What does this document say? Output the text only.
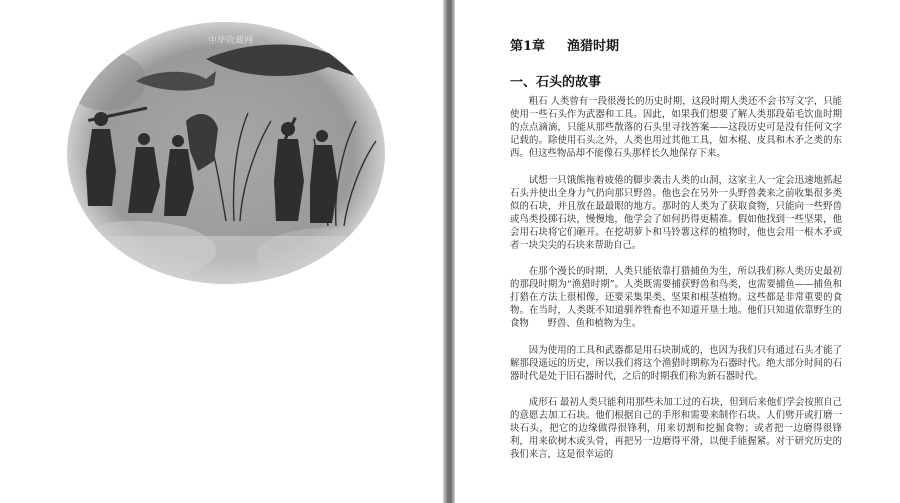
中华收藏网	第1章 渔猎时期
一、石头的故事

粗石 人类曾有一段很漫长的历史时期，这段时期人类还不会书写文字，只能使用一些石头作为武器和工具。因此，如果我们想要了解人类那段茹毛饮血时期的点点滴滴，只能从那些散落的石头里寻找答案——这段历史可是没有任何文字记载的。除使用石头之外，人类也用过其他工具，如木棍、皮具和木矛之类的东西。但这些物品却不能像石头那样长久地保存下来。

试想一只饿熊拖着疲倦的脚步袭击人类的山洞，这家主人一定会迅速地抓起石头并使出全身力气扔向那只野兽。他也会在另外一头野兽袭来之前收集很多类似的石块，并且放在最最眼的地方。那时的人类为了获取食物，只能向一些野兽或鸟类投掷石块，慢慢地，他学会了如何扔得更精准。假如他找到一些坚果，他会用石块将它们砸开。在挖胡萝卜和马铃薯这样的植物时，他也会用一根木矛或者一块尖尖的石块来帮助自己。

在那个漫长的时期，人类只能依靠打猎捕鱼为生，所以我们称人类历史最初的那段时期为“渔猎时期”。人类既需要捕获野兽和鸟类，也需要捕鱼——捕鱼和打猎在方法上很相像，还要采集果类、坚果和根茎植物。这些都是非常重要的食物。在当时，人类既不知道驯养牲畜也不知道开垦土地。他们只知道依靠野生的食物　　野兽、鱼和植物为生。

因为使用的工具和武器都是用石块制成的，也因为我们只有通过石头才能了解那段遥远的历史，所以我们将这个渔猎时期称为石器时代。绝大部分时间的石器时代是处于旧石器时代，之后的时期我们称为新石器时代。

成形石 最初人类只能利用那些未加工过的石块，但到后来他们学会按照自己的意愿去加工石块。他们根据自己的手形和需要来制作石块。人们劈开或打磨一块石头，把它的边缘做得很锋利，用来切割和挖掘食物；或者把一边磨得很锋利，用来砍树木或头骨，再把另一边磨得平滑，以便手能握紧。对于研究历史的我们来言，这是很幸运的
